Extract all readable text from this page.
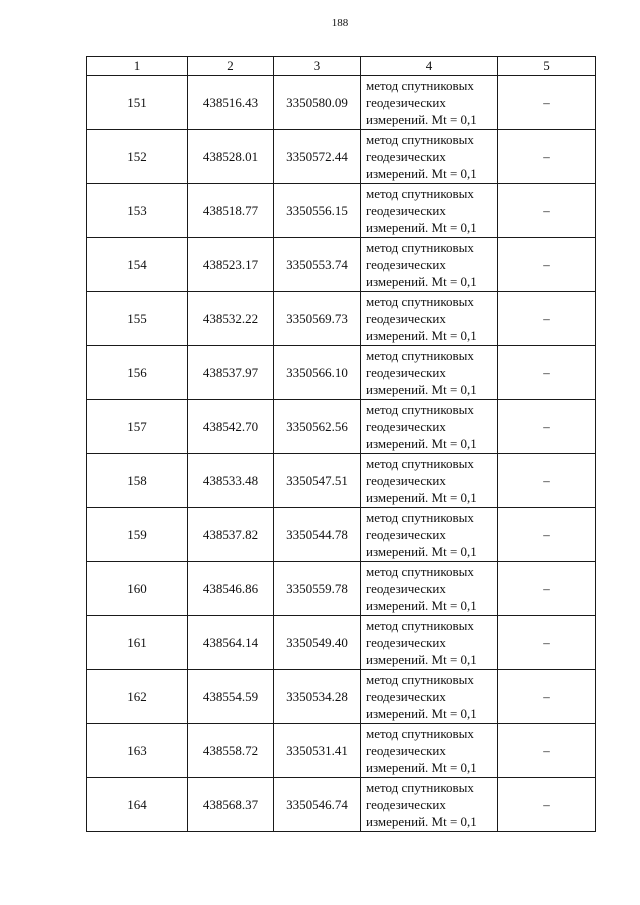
188
1	2	3	4	5
151	438516.43	3350580.09	метод спутниковых
геодезических
измерений. Mt = 0,1	–
152	438528.01	3350572.44	метод спутниковых
геодезических
измерений. Mt = 0,1	–
153	438518.77	3350556.15	метод спутниковых
геодезических
измерений. Mt = 0,1	–
154	438523.17	3350553.74	метод спутниковых
геодезических
измерений. Mt = 0,1	–
155	438532.22	3350569.73	метод спутниковых
геодезических
измерений. Mt = 0,1	–
156	438537.97	3350566.10	метод спутниковых
геодезических
измерений. Mt = 0,1	–
157	438542.70	3350562.56	метод спутниковых
геодезических
измерений. Mt = 0,1	–
158	438533.48	3350547.51	метод спутниковых
геодезических
измерений. Mt = 0,1	–
159	438537.82	3350544.78	метод спутниковых
геодезических
измерений. Mt = 0,1	–
160	438546.86	3350559.78	метод спутниковых
геодезических
измерений. Mt = 0,1	–
161	438564.14	3350549.40	метод спутниковых
геодезических
измерений. Mt = 0,1	–
162	438554.59	3350534.28	метод спутниковых
геодезических
измерений. Mt = 0,1	–
163	438558.72	3350531.41	метод спутниковых
геодезических
измерений. Mt = 0,1	–
164	438568.37	3350546.74	метод спутниковых
геодезических
измерений. Mt = 0,1	–
